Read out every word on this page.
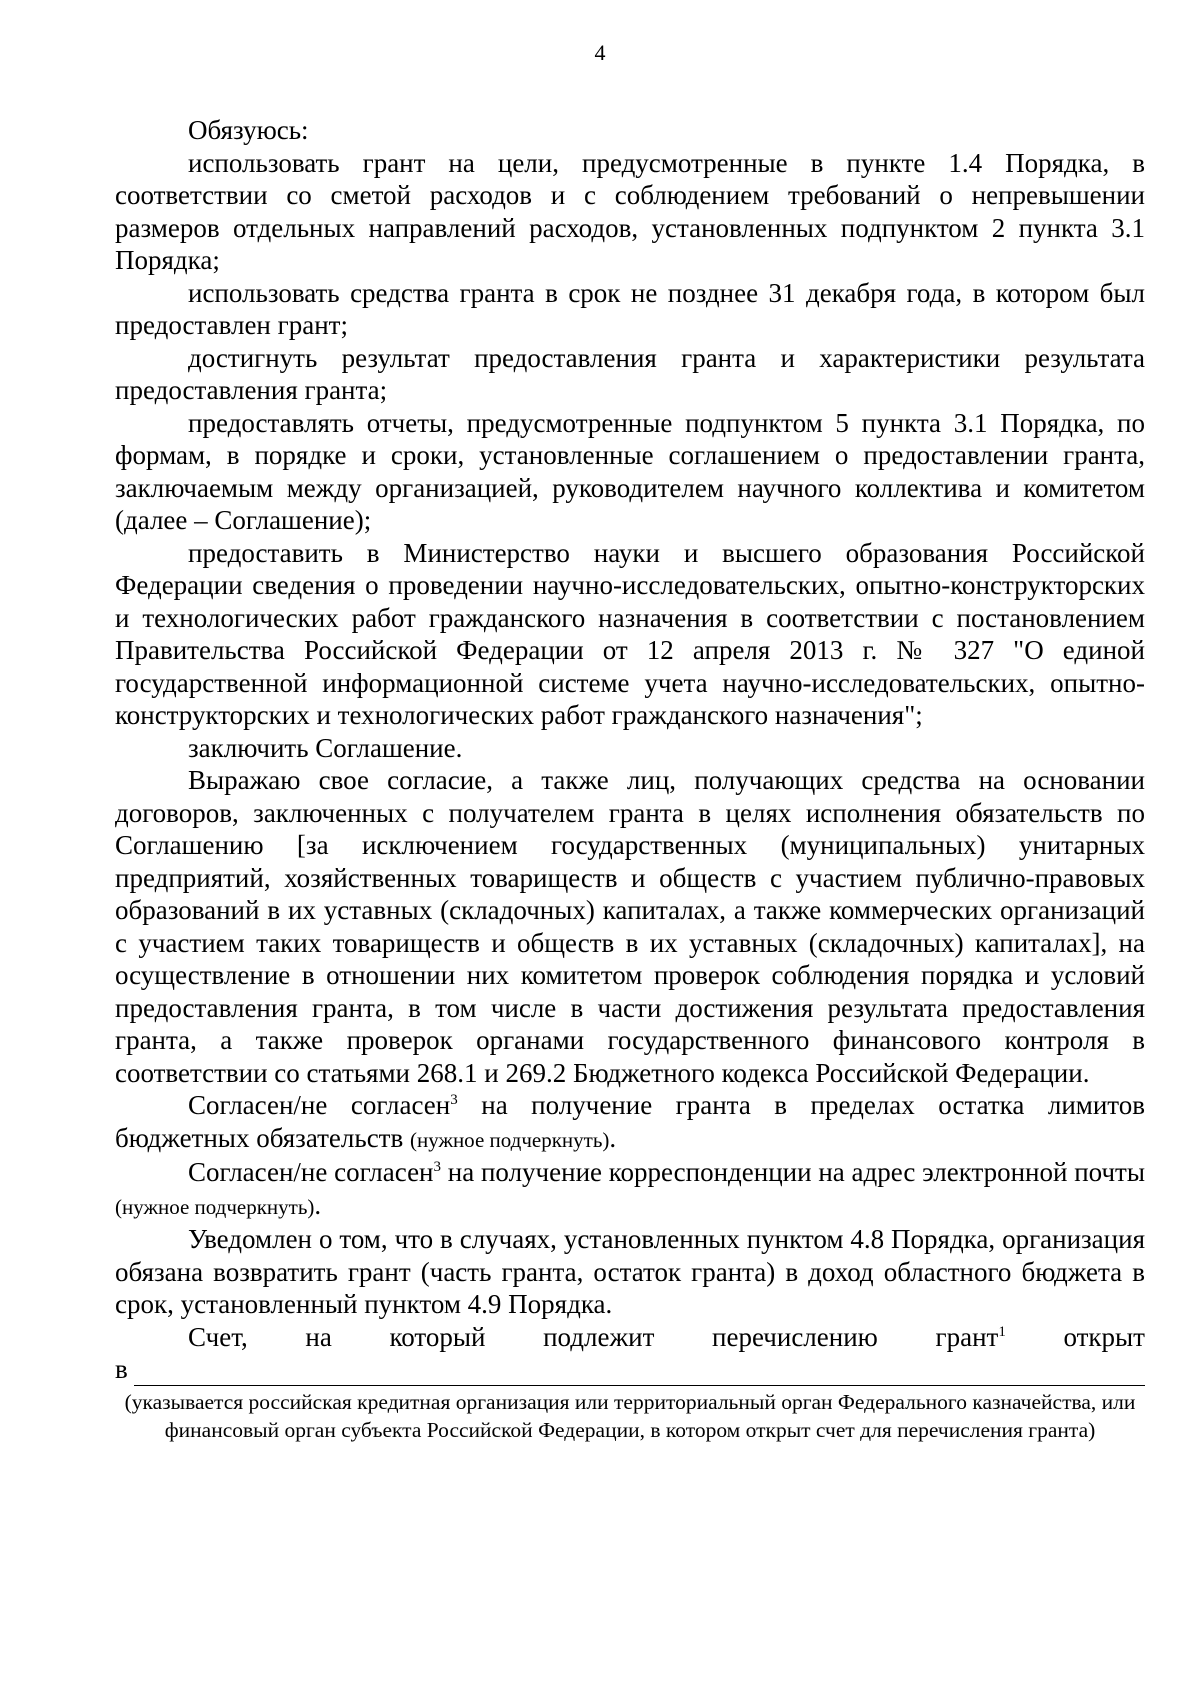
4

Обязуюсь:

использовать грант на цели, предусмотренные в пункте 1.4 Порядка, в соответствии со сметой расходов и с соблюдением требований о непревышении размеров отдельных направлений расходов, установленных подпунктом 2 пункта 3.1 Порядка;

использовать средства гранта в срок не позднее 31 декабря года, в котором был предоставлен грант;

достигнуть результат предоставления гранта и характеристики результата предоставления гранта;

предоставлять отчеты, предусмотренные подпунктом 5 пункта 3.1 Порядка, по формам, в порядке и сроки, установленные соглашением о предоставлении гранта, заключаемым между организацией, руководителем научного коллектива и комитетом (далее – Соглашение);

предоставить в Министерство науки и высшего образования Российской Федерации сведения о проведении научно-исследовательских, опытно-конструкторских и технологических работ гражданского назначения в соответствии с постановлением Правительства Российской Федерации от 12 апреля 2013 г. № 327 "О единой государственной информационной системе учета научно-исследовательских, опытно-конструкторских и технологических работ гражданского назначения";

заключить Соглашение.

Выражаю свое согласие, а также лиц, получающих средства на основании договоров, заключенных с получателем гранта в целях исполнения обязательств по Соглашению [за исключением государственных (муниципальных) унитарных предприятий, хозяйственных товариществ и обществ с участием публично-правовых образований в их уставных (складочных) капиталах, а также коммерческих организаций с участием таких товариществ и обществ в их уставных (складочных) капиталах], на осуществление в отношении них комитетом проверок соблюдения порядка и условий предоставления гранта, в том числе в части достижения результата предоставления гранта, а также проверок органами государственного финансового контроля в соответствии со статьями 268.1 и 269.2 Бюджетного кодекса Российской Федерации.

Согласен/не согласен$^3$ на получение гранта в пределах остатка лимитов бюджетных обязательств (нужное подчеркнуть).

Согласен/не согласен$^3$ на получение корреспонденции на адрес электронной почты (нужное подчеркнуть).

Уведомлен о том, что в случаях, установленных пунктом 4.8 Порядка, организация обязана возвратить грант (часть гранта, остаток гранта) в доход областного бюджета в срок, установленный пунктом 4.9 Порядка.

Счет, на который подлежит перечислению грант$^1$ открыт

в

(указывается российская кредитная организация или территориальный орган Федерального казначейства, или финансовый орган субъекта Российской Федерации, в котором открыт счет для перечисления гранта)
